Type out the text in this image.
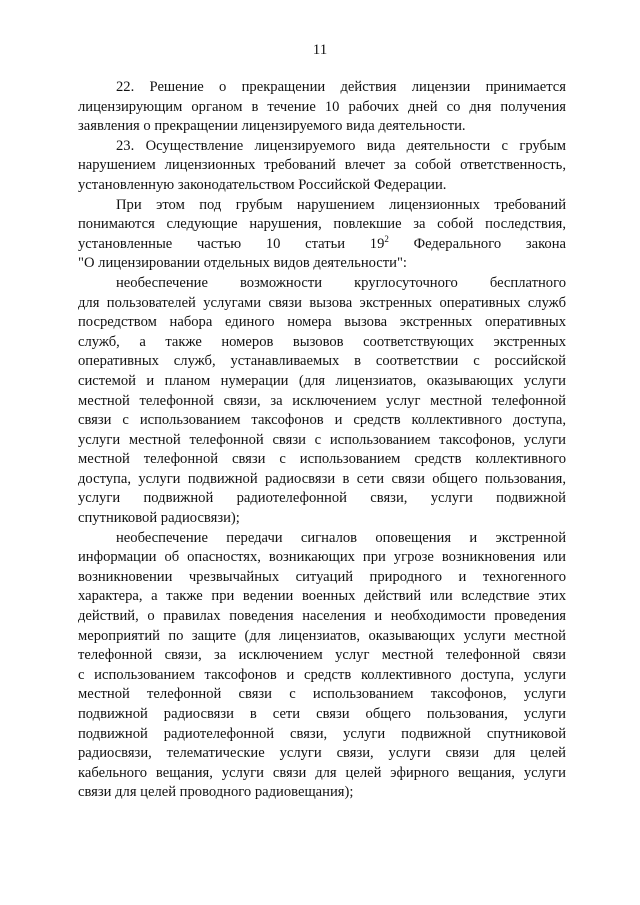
11
22. Решение о прекращении действия лицензии принимается
лицензирующим органом в течение 10 рабочих дней со дня получения
заявления о прекращении лицензируемого вида деятельности.
23. Осуществление лицензируемого вида деятельности с грубым
нарушением лицензионных требований влечет за собой ответственность,
установленную законодательством Российской Федерации.
При этом под грубым нарушением лицензионных требований
понимаются следующие нарушения, повлекшие за собой последствия,
установленные частью 10 статьи $19^2$ Федерального закона
"О лицензировании отдельных видов деятельности":
необеспечение возможности круглосуточного бесплатного
для пользователей услугами связи вызова экстренных оперативных служб
посредством набора единого номера вызова экстренных оперативных
служб, а также номеров вызовов соответствующих экстренных
оперативных служб, устанавливаемых в соответствии с российской
системой и планом нумерации (для лицензиатов, оказывающих услуги
местной телефонной связи, за исключением услуг местной телефонной
связи с использованием таксофонов и средств коллективного доступа,
услуги местной телефонной связи с использованием таксофонов, услуги
местной телефонной связи с использованием средств коллективного
доступа, услуги подвижной радиосвязи в сети связи общего пользования,
услуги подвижной радиотелефонной связи, услуги подвижной
спутниковой радиосвязи);
необеспечение передачи сигналов оповещения и экстренной
информации об опасностях, возникающих при угрозе возникновения или
возникновении чрезвычайных ситуаций природного и техногенного
характера, а также при ведении военных действий или вследствие этих
действий, о правилах поведения населения и необходимости проведения
мероприятий по защите (для лицензиатов, оказывающих услуги местной
телефонной связи, за исключением услуг местной телефонной связи
с использованием таксофонов и средств коллективного доступа, услуги
местной телефонной связи с использованием таксофонов, услуги
подвижной радиосвязи в сети связи общего пользования, услуги
подвижной радиотелефонной связи, услуги подвижной спутниковой
радиосвязи, телематические услуги связи, услуги связи для целей
кабельного вещания, услуги связи для целей эфирного вещания, услуги
связи для целей проводного радиовещания);
